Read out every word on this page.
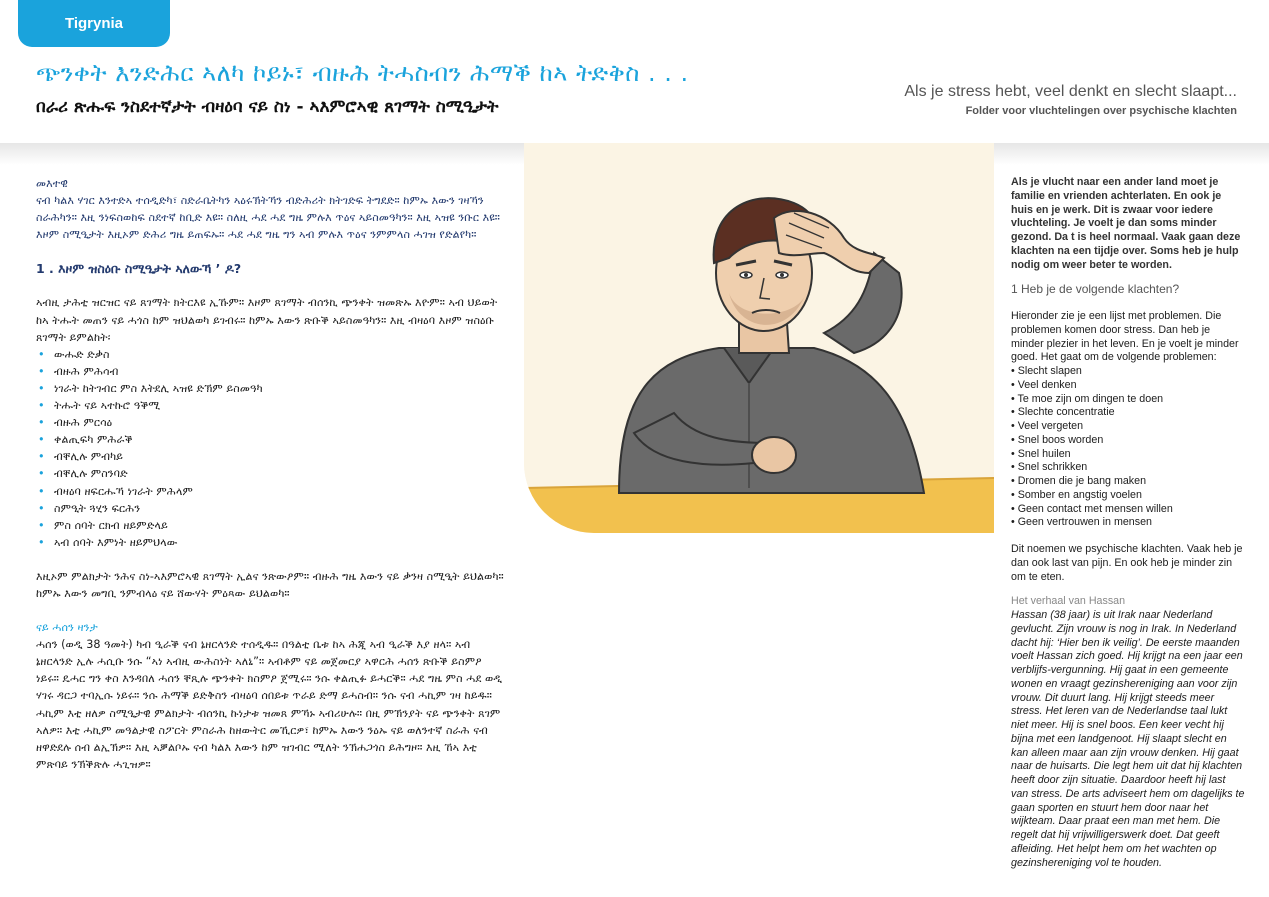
Tigrynia
ጭንቀት እንድሕር ኣለካ ኮይኑ፣ ብዙሕ ትሓስብን ሕማቕ ከኣ ትድቅስ . . .
በራሪ ጽሑፍ ንስደተኛታት ብዛዕባ ናይ ስነ - ኣእምሮኣዊ ጸገማት ስሚዒታት
Als je stress hebt, veel denkt en slecht slaapt...
Folder voor vluchtelingen over psychische klachten
መእተዊ
ናብ ካልእ ሃገር እንተድኣ ተሰዲድካ፣ ስድራቤትካን ኣዕሩኽትኻን ብድሕሪት ክትገድፍ ትግደድ። ከምኡ እውን ገዛኻን ስራሕካን። እዚ ንነፍስወከፍ ስደተኛ ከቢድ እዩ። ስለዚ ሓደ ሓደ ግዜ ምሉእ ጥዕና ኣይስመዓካን። እዚ ኣዝዩ ንቡር እዩ። እዞም ስሚዒታት እዚኦም ድሕሪ ግዜ ይጠፍኡ። ሓደ ሓደ ግዜ ግን ኣብ ምሉእ ጥዕና ንምምላስ ሓገዝ የድልየካ።
1 . እዞም ዝስዕቡ ስሚዒታት ኣለውኻ ’ ዶ?
ኣብዚ ታሕቲ ዝርዝር ናይ ጸገማት ክትርእዩ ኢኹም። እዞም ጸገማት ብሰንኪ ጭንቀት ዝመጽኡ እዮም። ኣብ ህይወት ከኣ ትሑት መጠን ናይ ሓጎስ ከም ዝህልወካ ይገብሩ። ከምኡ እውን ጽቡቕ ኣይስመዓካን። እዚ ብዛዕባ እዞም ዝስዕቡ ጸገማት ይምልከት፡
• ውሑድ ድቃስ
• ብዙሕ ምሕሳብ
• ነገራት ከትገብር ምስ እትደሊ ኣዝዩ ድኽም ይስመዓካ
• ትሑት ናይ ኣተኩሮ ዓቕሚ
• ብዙሕ ምርሳዕ
• ቀልጢፍካ ምሕራቕ
• ብቐሊሉ ምብካይ
• ብቐሊሉ ምስንባድ
• ብዛዕባ ዘፍርሑኻ ነገራት ምሕላም
• ስምዒት ጓሂን ፍርሕን
• ምስ ሰባት ርክብ ዘይምድላይ
• ኣብ ሰባት እምነት ዘይምህላው
እዚኦም ምልክታት ንሕና ስነ-ኣእምሮኣዊ ጸገማት ኢልና ንጽውዖም። ብዙሕ ግዜ እውን ናይ ቃንዛ ስሚዒት ይህልወካ። ከምኡ እውን መግቢ ንምብላዕ ናይ ሸውሃት ምዕጻው ይህልወካ።
ናይ ሓሰን ዛንታ
ሓሰን (ወዲ 38 ዓመት) ካብ ዒራቕ ናብ ኔዘርላንድ ተሰዲዱ። በዓልቲ ቤቱ ከኣ ሕጂ ኣብ ዒራቕ እያ ዘላ። ኣብ ኔዘርላንድ ኢሉ ሓሲቡ ንሱ “ኣነ ኣብዚ ውሕስነት ኣለኒ”። ኣብቶም ናይ መጀመርያ ኣዋርሕ ሓሰን ጽቡቕ ይስምዖ ነይሩ። ዴሓር ግን ቀስ እንዳበለ ሓሰን ቐጺሉ ጭንቀት ክስምዖ ጀሚሩ። ንሱ ቀልጢፉ ይሓርቕ። ሓደ ግዜ ምስ ሓደ ወዲ ሃገሩ ዳርጋ ተባኢሱ ነይሩ። ንሱ ሕማቕ ይድቅስን ብዛዕባ ሰበይቱ ጥራይ ድማ ይሓስብ። ንሱ ናብ ሓኪም ገዛ ከይዱ። ሓኪም እቲ ዘለዎ ስሚዒታዊ ምልክታት ብሰንኪ ኩነታቱ ዝመጸ ምኻኑ ኣብሪሁሉ። በዚ ምኽንያት ናይ ጭንቀት ጸገም ኣለዎ። እቲ ሓኪም መዓልታዊ ስፖርት ምስራሕ ከዘውትር መኺርዎ፣ ከምኡ እውን ንዕኡ ናይ ወለንተኛ ስራሕ ናብ ዘዋድደሉ ሰብ ልኢኽዎ። እዚ ኣቓልቦኡ ናብ ካልእ እውን ከም ዝገብር ሚለት ንኽሐጋጎስ ይሕግዞ። እዚ ኸኣ እቲ ምጽባይ ንኽቕጽሉ ሓጊዝዎ።
Als je vlucht naar een ander land moet je familie en vrienden achterlaten. En ook je huis en je werk. Dit is zwaar voor iedere vluchteling. Je voelt je dan soms minder gezond. Da t is heel normaal. Vaak gaan deze klachten na een tijdje over. Soms heb je hulp nodig om weer beter te worden.
1 Heb je de volgende klachten?
Hieronder zie je een lijst met problemen. Die problemen komen door stress. Dan heb je minder plezier in het leven. En je voelt je minder goed. Het gaat om de volgende problemen:
• Slecht slapen
• Veel denken
• Te moe zijn om dingen te doen
• Slechte concentratie
• Veel vergeten
• Snel boos worden
• Snel huilen
• Snel schrikken
• Dromen die je bang maken
• Somber en angstig voelen
• Geen contact met mensen willen
• Geen vertrouwen in mensen
Dit noemen we psychische klachten. Vaak heb je dan ook last van pijn. En ook heb je minder zin om te eten.
Het verhaal van Hassan
Hassan (38 jaar) is uit Irak naar Nederland gevlucht. Zijn vrouw is nog in Irak. In Nederland dacht hij: ‘Hier ben ik veilig’. De eerste maanden voelt Hassan zich goed. Hij krijgt na een jaar een verblijfs-vergunning. Hij gaat in een gemeente wonen en vraagt gezinshereniging aan voor zijn vrouw. Dit duurt lang. Hij krijgt steeds meer stress. Het leren van de Nederlandse taal lukt niet meer. Hij is snel boos. Een keer vecht hij bijna met een landgenoot. Hij slaapt slecht en kan alleen maar aan zijn vrouw denken. Hij gaat naar de huisarts. Die legt hem uit dat hij klachten heeft door zijn situatie. Daardoor heeft hij last van stress. De arts adviseert hem om dagelijks te gaan sporten en stuurt hem door naar het wijkteam. Daar praat een man met hem. Die regelt dat hij vrijwilligerswerk doet. Dat geeft afleiding. Het helpt hem om het wachten op gezinshereniging vol te houden.
